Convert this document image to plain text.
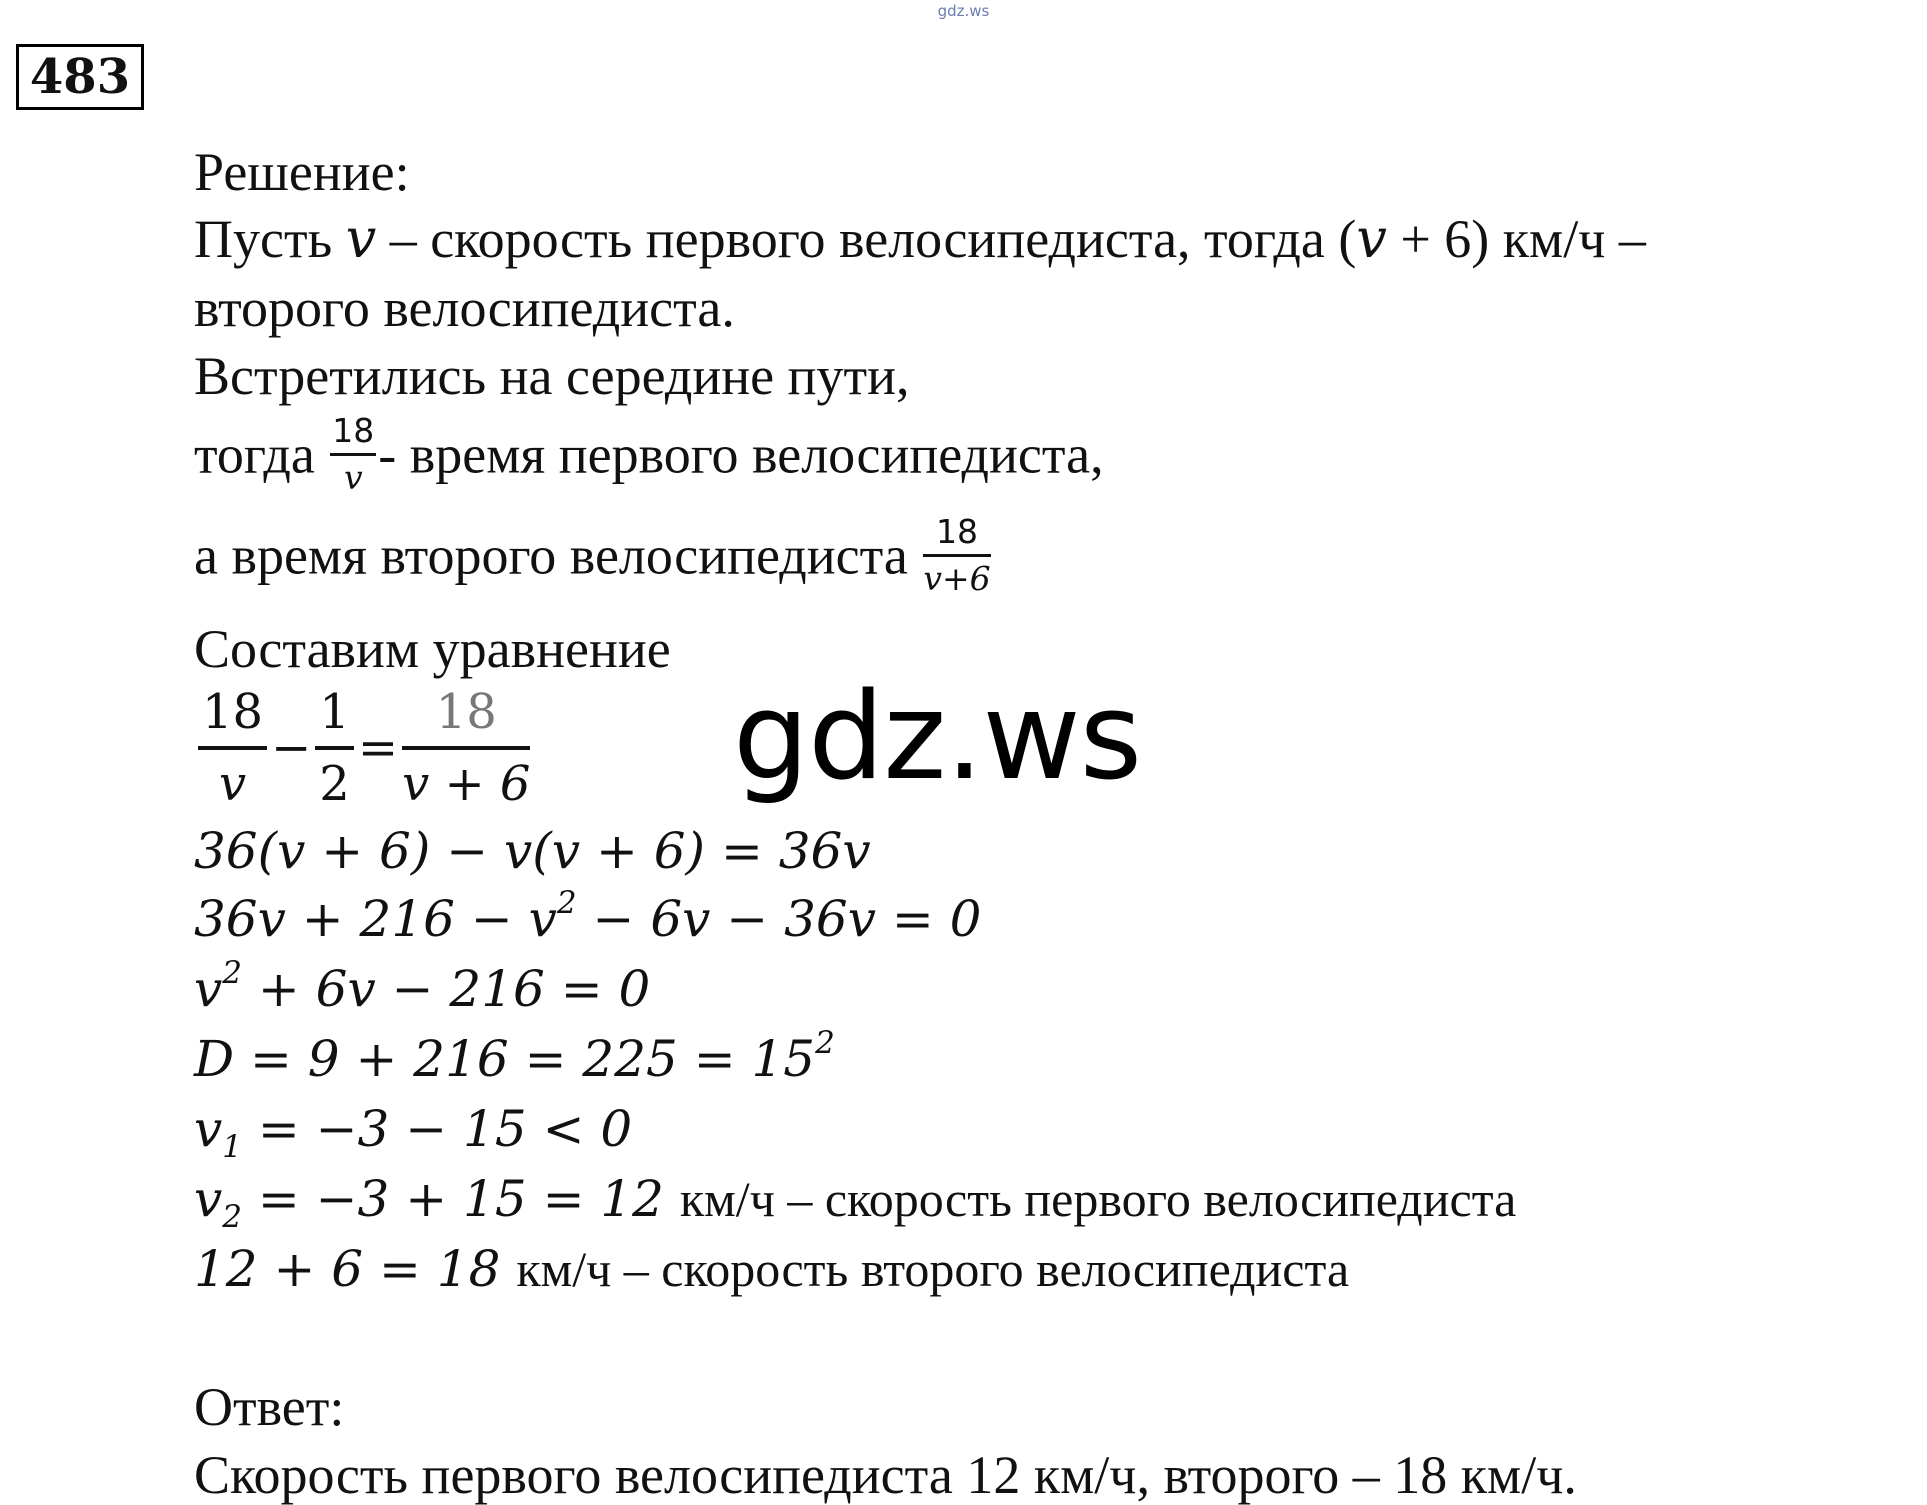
gdz.ws
483
Решение:
Пусть v – скорость первого велосипедиста, тогда (v + 6) км/ч –
второго велосипедиста.
Встретились на середине пути,
тогда $\frac{18}{v}$ - время первого велосипедиста,
а время второго велосипедиста $\frac{18}{v+6}$
Составим уравнение
$\frac{18}{v} - \frac{1}{2} = \frac{18}{v + 6} gdz.ws$
36(v + 6) − v(v + 6) = 36v
$36v + 216 - v^2 - 6v - 36v = 0$
$v^2 + 6v - 216 = 0$
$D = 9 + 216 = 225 = 15^2$
$v_1 = -3 - 15 < 0$
$v_2 = -3 + 15 = 12$ км/ч – скорость первого велосипедиста
12 + 6 = 18 км/ч – скорость второго велосипедиста
Ответ:
Скорость первого велосипедиста 12 км/ч, второго – 18 км/ч.
